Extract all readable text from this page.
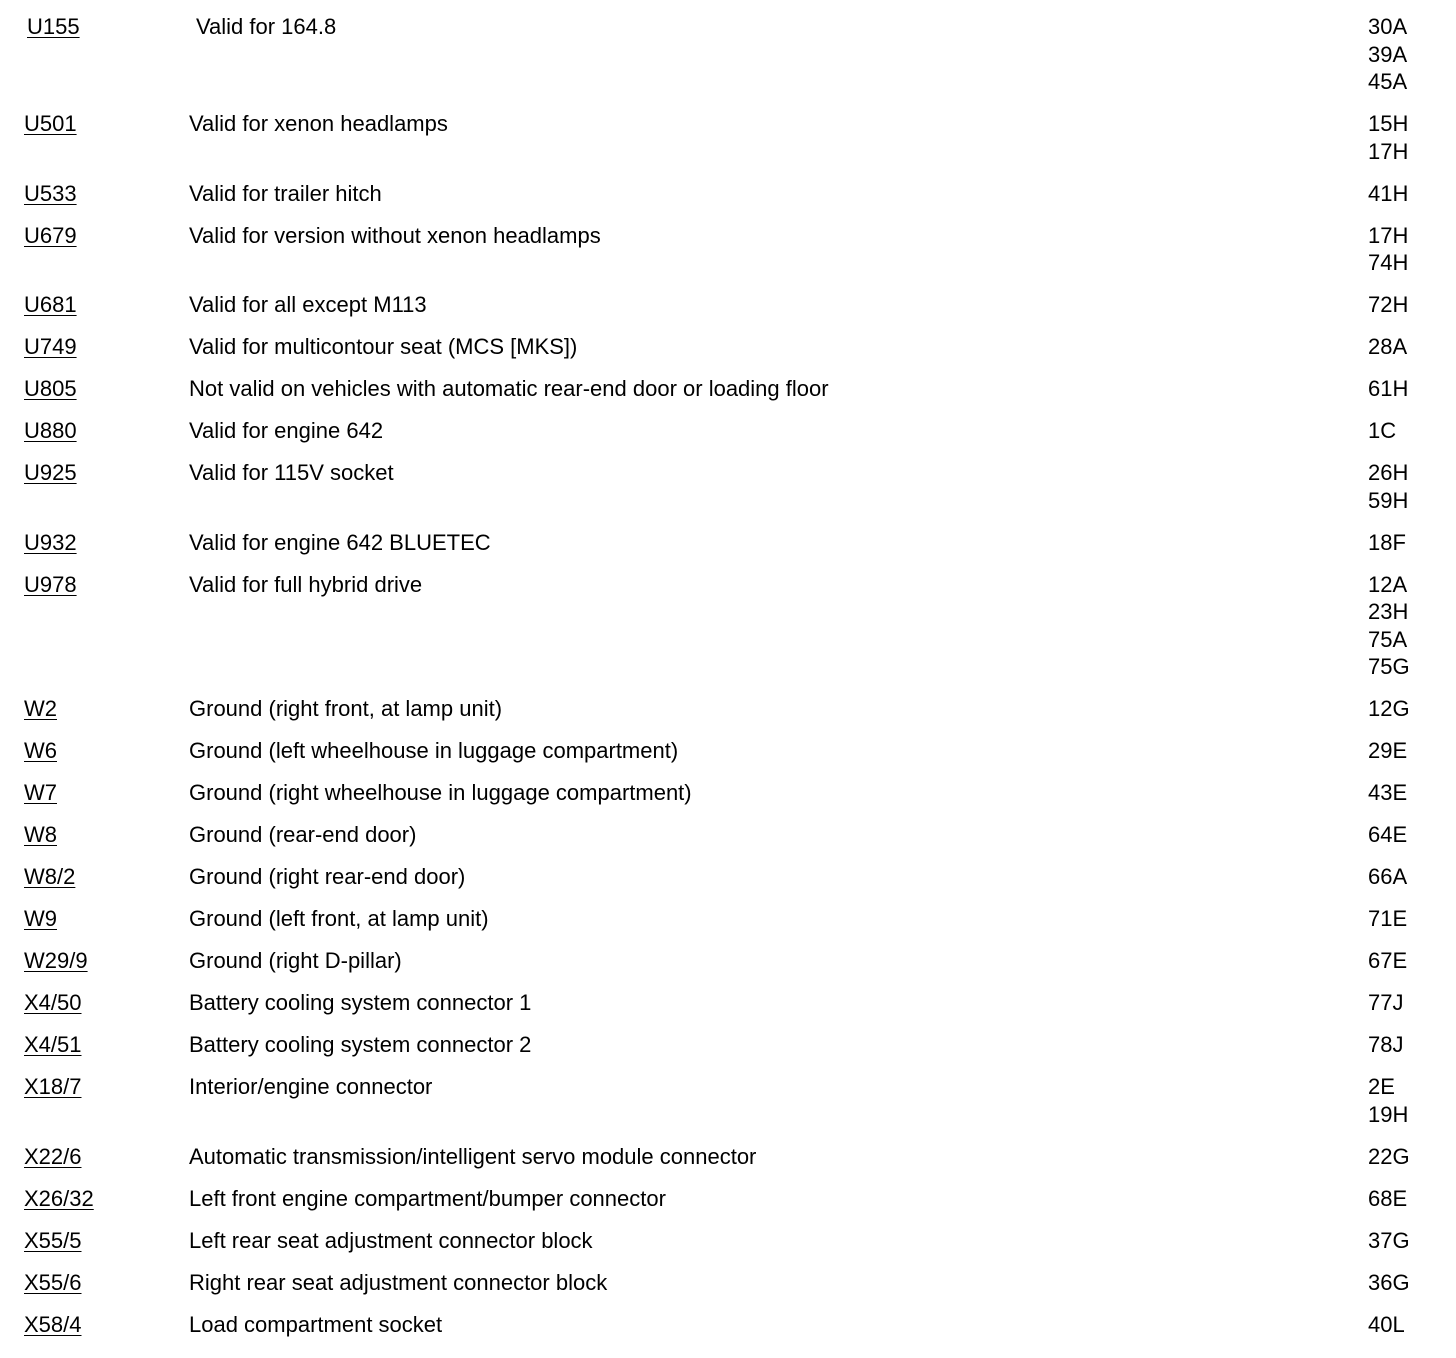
U155	Valid for 164.8	30A
39A
45A
U501	Valid for xenon headlamps	15H
17H
U533	Valid for trailer hitch	41H
U679	Valid for version without xenon headlamps	17H
74H
U681	Valid for all except M113	72H
U749	Valid for multicontour seat (MCS [MKS])	28A
U805	Not valid on vehicles with automatic rear-end door or loading floor	61H
U880	Valid for engine 642	1C
U925	Valid for 115V socket	26H
59H
U932	Valid for engine 642 BLUETEC	18F
U978	Valid for full hybrid drive	12A
23H
75A
75G
W2	Ground (right front, at lamp unit)	12G
W6	Ground (left wheelhouse in luggage compartment)	29E
W7	Ground (right wheelhouse in luggage compartment)	43E
W8	Ground (rear-end door)	64E
W8/2	Ground (right rear-end door)	66A
W9	Ground (left front, at lamp unit)	71E
W29/9	Ground (right D-pillar)	67E
X4/50	Battery cooling system connector 1	77J
X4/51	Battery cooling system connector 2	78J
X18/7	Interior/engine connector	2E
19H
X22/6	Automatic transmission/intelligent servo module connector	22G
X26/32	Left front engine compartment/bumper connector	68E
X55/5	Left rear seat adjustment connector block	37G
X55/6	Right rear seat adjustment connector block	36G
X58/4	Load compartment socket	40L
